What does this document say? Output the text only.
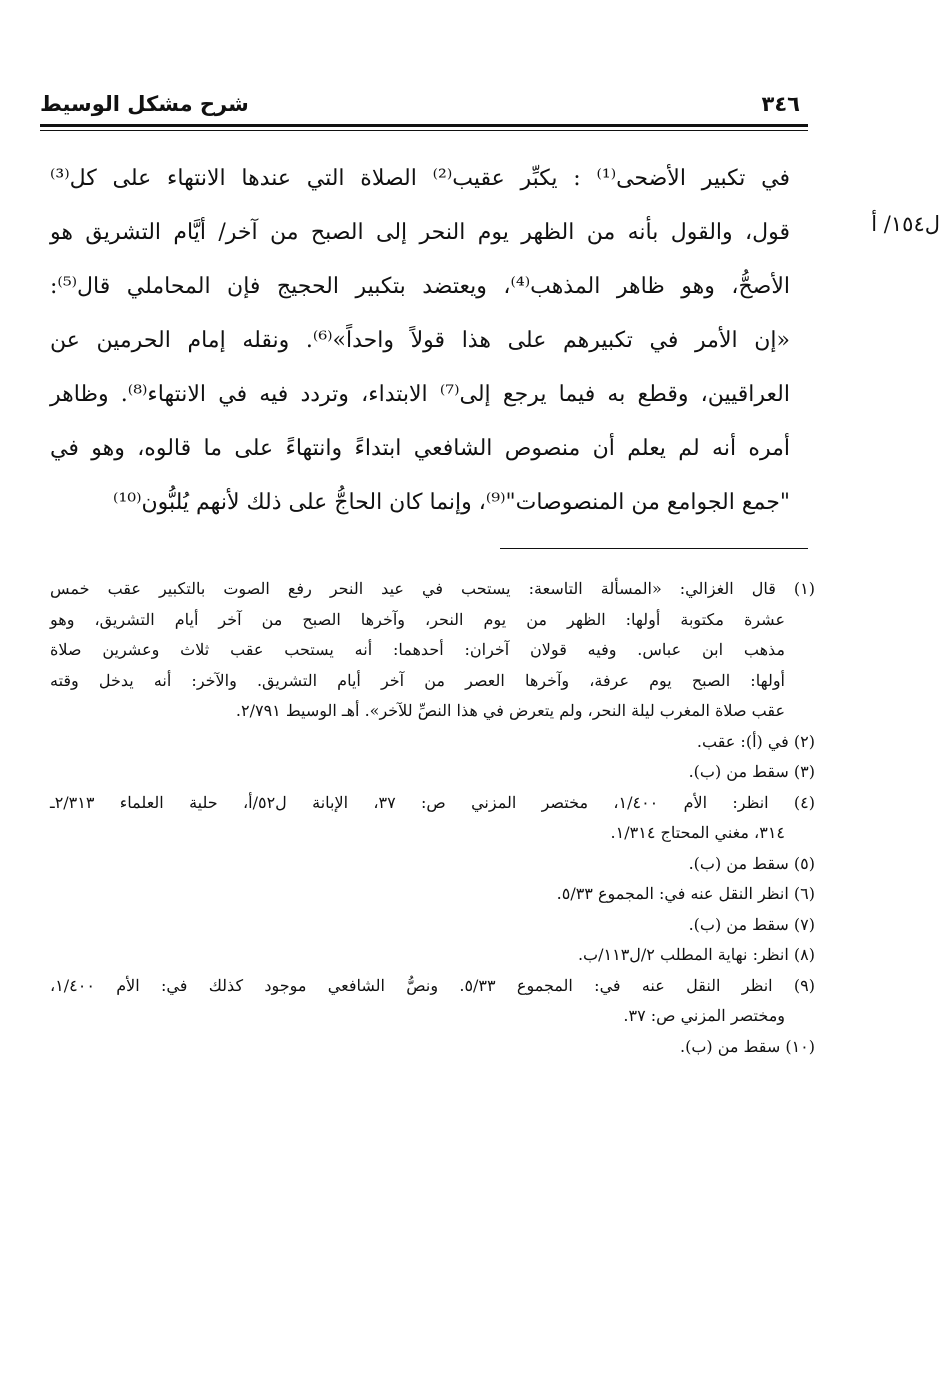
٣٤٦
شرح مشكل الوسيط
ل١٥٤/ أ
في تكبير الأضحى⁽¹⁾ : يكبِّر عقيب⁽²⁾ الصلاة التي عندها الانتهاء على كل⁽³⁾
قول، والقول بأنه من الظهر يوم النحر إلى الصبح من آخر/ أيَّام التشريق هو
الأصحُّ، وهو ظاهر المذهب⁽⁴⁾، ويعتضد بتكبير الحجيج فإن المحاملي قال⁽⁵⁾:
«إن الأمر في تكبيرهم على هذا قولاً واحداً»⁽⁶⁾. ونقله إمام الحرمين عن
العراقيين، وقطع به فيما يرجع إلى⁽⁷⁾ الابتداء، وتردد فيه في الانتهاء⁽⁸⁾. وظاهر
أمره أنه لم يعلم أن منصوص الشافعي ابتداءً وانتهاءً على ما قالوه، وهو في
"جمع الجوامع من المنصوصات"⁽⁹⁾، وإنما كان الحاجُّ على ذلك لأنهم يُلبُّون⁽¹⁰⁾
(١) قال الغزالي: «المسألة التاسعة: يستحب في عيد النحر رفع الصوت بالتكبير عقب خمس
عشرة مكتوبة أولها: الظهر من يوم النحر، وآخرها الصبح من آخر أيام التشريق، وهو
مذهب ابن عباس. وفيه قولان آخران: أحدهما: أنه يستحب عقب ثلاث وعشرين صلاة
أولها: الصبح يوم عرفة، وآخرها العصر من آخر أيام التشريق. والآخر: أنه يدخل وقته
عقب صلاة المغرب ليلة النحر، ولم يتعرض في هذا النصِّ للآخر». أهـ الوسيط ٢/٧٩١.
(٢) في (أ): عقب.
(٣) سقط من (ب).
(٤) انظر: الأم ١/٤٠٠، مختصر المزني ص: ٣٧، الإبانة ل٥٢/أ، حلية العلماء ٢/٣١٣ـ
٣١٤، مغني المحتاج ١/٣١٤.
(٥) سقط من (ب).
(٦) انظر النقل عنه في: المجموع ٥/٣٣.
(٧) سقط من (ب).
(٨) انظر: نهاية المطلب ٢/ل١١٣/ب.
(٩) انظر النقل عنه في: المجموع ٥/٣٣. ونصُّ الشافعي موجود كذلك في: الأم ١/٤٠٠،
ومختصر المزني ص: ٣٧.
(١٠) سقط من (ب).
